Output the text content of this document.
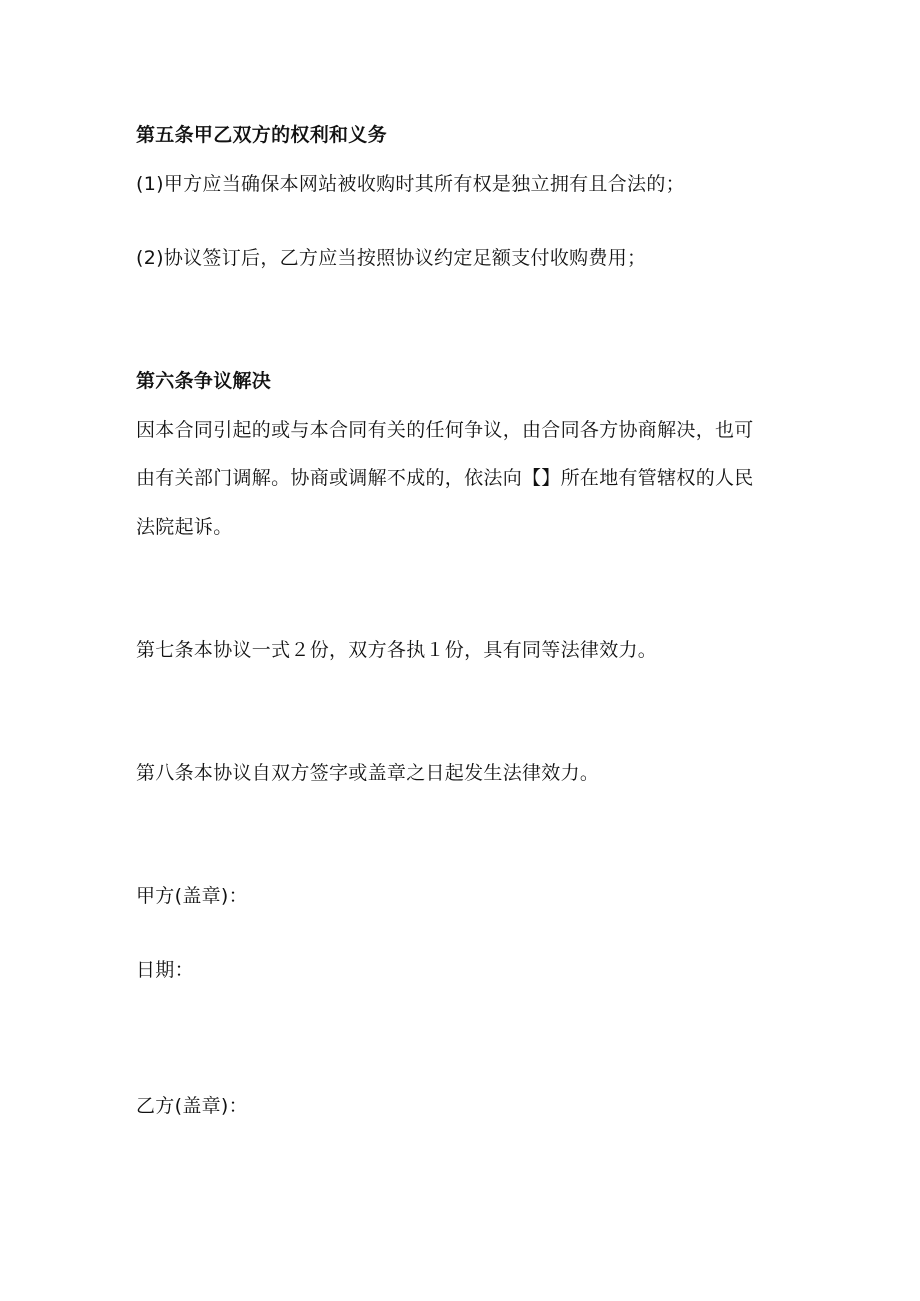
第五条甲乙双方的权利和义务
(1)甲方应当确保本网站被收购时其所有权是独立拥有且合法的；
(2)协议签订后，乙方应当按照协议约定足额支付收购费用；
第六条争议解决
因本合同引起的或与本合同有关的任何争议，由合同各方协商解决，也可
由有关部门调解。协商或调解不成的，依法向【】所在地有管辖权的人民
法院起诉。
第七条本协议一式２份，双方各执１份，具有同等法律效力。
第八条本协议自双方签字或盖章之日起发生法律效力。
甲方(盖章)：
日期：
乙方(盖章)：
